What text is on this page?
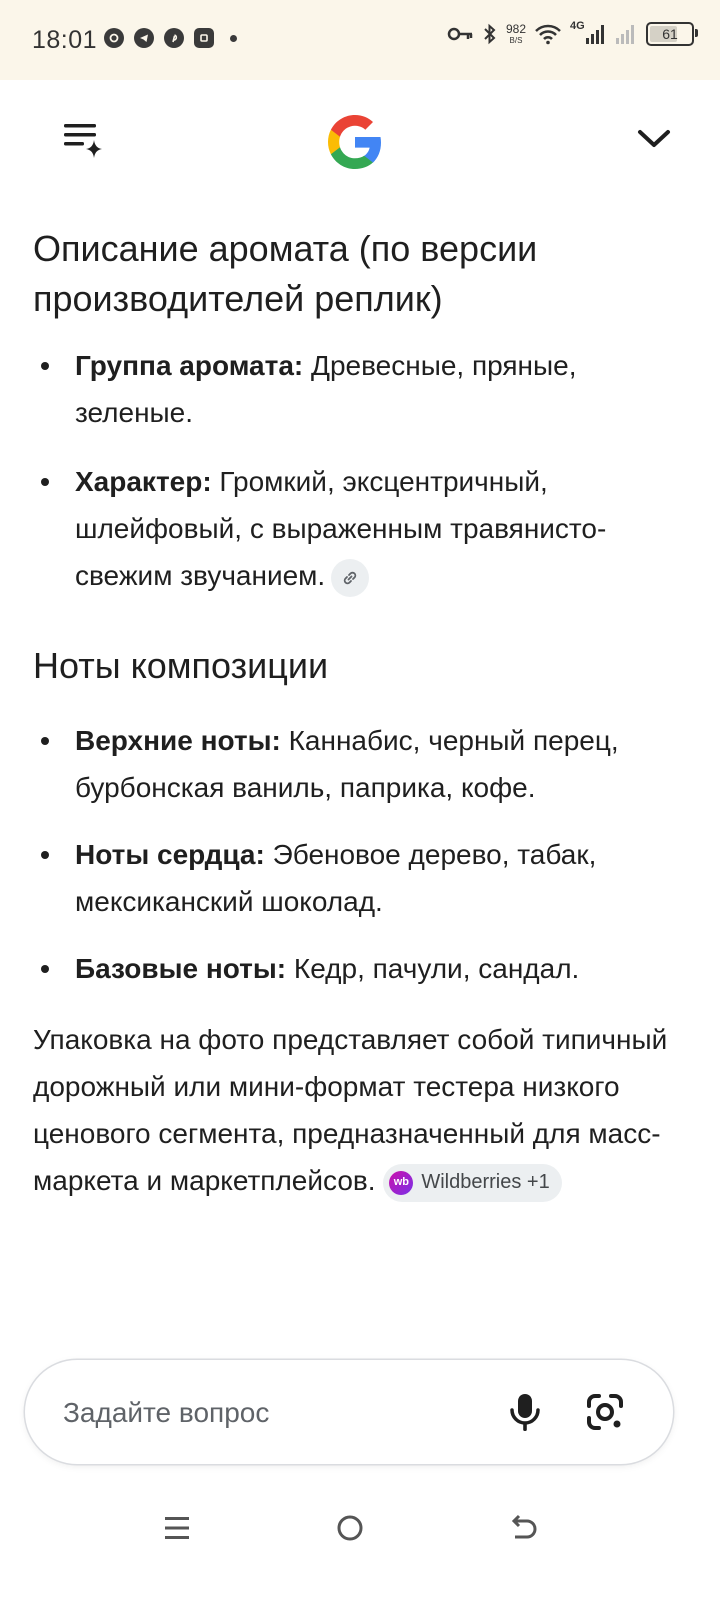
18:01	982
B/S
4G	61
Описание аромата (по версии производителей реплик)
Группа аромата: Древесные, пряные, зеленые.
Характер: Громкий, эксцентричный, шлейфовый, с выраженным травянисто-свежим звучанием.
Ноты композиции
Верхние ноты: Каннабис, черный перец, бурбонская ваниль, паприка, кофе.
Ноты сердца: Эбеновое дерево, табак, мексиканский шоколад.
Базовые ноты: Кедр, пачули, сандал.
Упаковка на фото представляет собой типичный дорожный или мини-формат тестера низкого ценового сегмента, предназначенный для масс-маркета и маркетплейсов.	wb Wildberries +1
Задайте вопрос
